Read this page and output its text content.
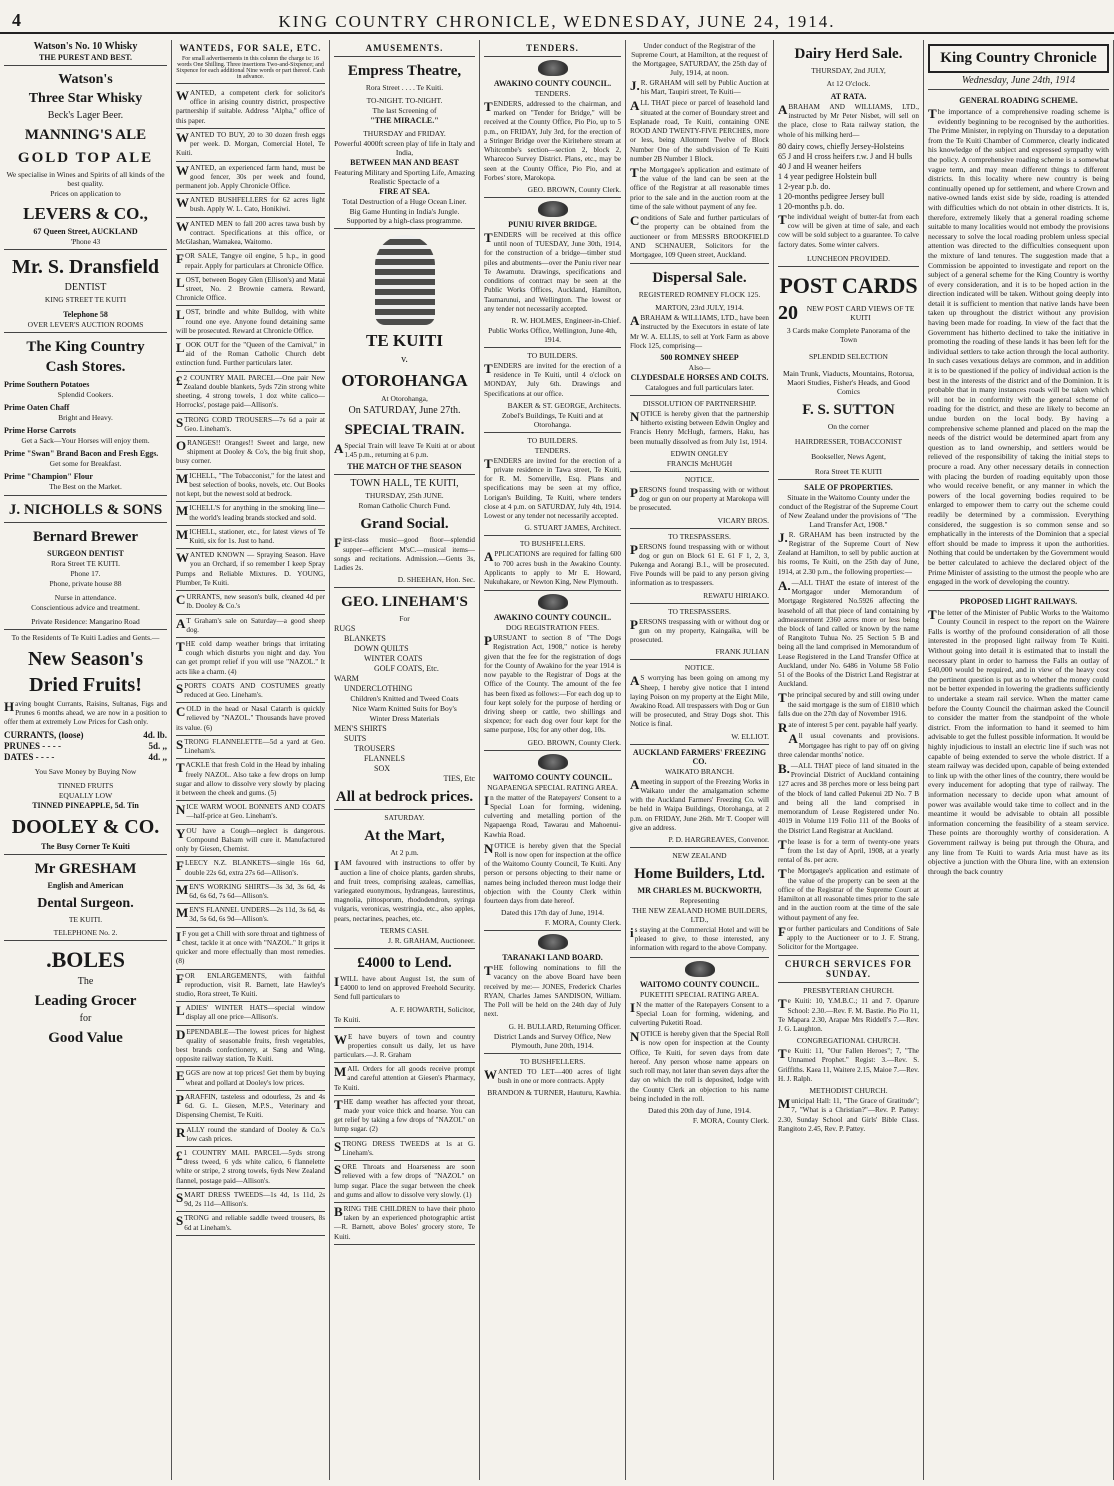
4	KING COUNTRY CHRONICLE, WEDNESDAY, JUNE 24, 1914.
Watson's No. 10 Whisky
THE PUREST AND BEST.
Watson's
Three Star Whisky
Beck's Lager Beer.
MANNING'S ALE
GOLD TOP ALE
We specialise in Wines and Spirits of all kinds of the best quality.
Prices on application to
LEVERS & CO.,
67 Queen Street, AUCKLAND
'Phone 43
Mr. S. Dransfield
DENTIST
KING STREET TE KUITI
Telephone 58
OVER LEVER'S AUCTION ROOMS
The King Country
Cash Stores.
Prime Southern Potatoes
Splendid Cookers.
Prime Oaten Chaff
Bright and Heavy.
Prime Horse Carrots
Get a Sack—Your Horses will enjoy them.
Prime "Swan" Brand Bacon and Fresh Eggs.
Get some for Breakfast.
Prime "Champion" Flour
The Best on the Market.
J. NICHOLLS & SONS
Bernard Brewer
SURGEON DENTIST
Rora Street TE KUITI.
Phone 17.
Phone, private house 88
Nurse in attendance.
Conscientious advice and treatment.
Private Residence: Mangarino Road
To the Residents of Te Kuiti Ladies and Gents.—
New Season's
Dried Fruits!
Having bought Currants, Raisins, Sultanas, Figs and Prunes 6 months ahead, we are now in a position to offer them at extremely Low Prices for Cash only.
CURRANTS, (loose)	4d. lb.
PRUNES - - - -	5d. ,,
DATES - - - -	4d. ,,
You Save Money by Buying Now
TINNED FRUITS
EQUALLY LOW
TINNED PINEAPPLE, 5d. Tin
DOOLEY & CO.
The Busy Corner Te Kuiti
Mr GRESHAM
English and American
Dental Surgeon.
TE KUITI.
TELEPHONE No. 2.
.BOLES
The
Leading Grocer
for
Good Value
WANTEDS, FOR SALE, ETC.
For small advertisements in this column the charge is: 16 words One Shilling. Three insertions Two-and-Sixpence; and Sixpence for each additional Nine words or part thereof. Cash in advance.
WANTED, a competent clerk for solicitor's office in arising country district, prospective partnership if suitable. Address "Alpha," office of this paper.
WANTED TO BUY, 20 to 30 dozen fresh eggs per week. D. Morgan, Comercial Hotel, Te Kuiti.
WANTED, an experienced farm hand, must be good fencer, 30s per week and found, permanent job. Apply Chronicle Office.
WANTED BUSHFELLERS for 62 acres light bush. Apply W. L. Cato, Honikiwi.
WANTED MEN to fall 200 acres tawa bush by contract. Specifications at this office, or McGlashan, Wamakea, Waitomo.
FOR SALE, Tangye oil engine, 5 h.p., in good repair. Apply for particulars at Chronicle Office.
LOST, between Bogey Glen (Ellison's) and Matai street, No. 2 Brownie camera. Reward, Chronicle Office.
LOST, brindle and white Bulldog, with white round one eye. Anyone found detaining same will be prosecuted. Reward at Chronicle Office.
LOOK OUT for the "Queen of the Carnival," in aid of the Roman Catholic Church debt extinction fund. Further particulars later.
£2 COUNTRY MAIL PARCEL—One pair New Zealand double blankets, 5yds 72in strong white sheeting, 4 strong towels, 1 doz white calico—Horrocks', postage paid—Allison's.
STRONG CORD TROUSERS—7s 6d a pair at Geo. Lineham's.
ORANGES!! Oranges!! Sweet and large, new shipment at Dooley & Co's, the big fruit shop, busy corner.
MICHELL, "The Tobacconist," for the latest and best selection of books, novels, etc. Out Books not kept, but the newest sold at bedrock.
MICHELL'S for anything in the smoking line—the world's leading brands stocked and sold.
MICHELL, stationer, etc., for latest views of Te Kuiti, six for 1s. Just to hand.
WANTED KNOWN — Spraying Season. Have you an Orchard, if so remember I keep Spray Pumps and Reliable Mixtures. D. YOUNG, Plumber, Te Kuiti.
CURRANTS, new season's bulk, cleaned 4d per lb. Dooley & Co.'s
AT Graham's sale on Saturday—a good sheep dog.
THE cold damp weather brings that irritating cough which disturbs you night and day. You can get prompt relief if you will use "NAZOL." It acts like a charm. (4)
SPORTS COATS AND COSTUMES greatly reduced at Geo. Lineham's.
COLD in the head or Nasal Catarrh is quickly relieved by "NAZOL." Thousands have proved its value. (6)
STRONG FLANNELETTE—5d a yard at Geo. Lineham's.
TACKLE that fresh Cold in the Head by inhaling freely NAZOL. Also take a few drops on lump sugar and allow to dissolve very slowly by placing it between the cheek and gums. (5)
NICE WARM WOOL BONNETS AND COATS—half-price at Geo. Lineham's.
YOU have a Cough—neglect is dangerous. Compound Balsam will cure it. Manufactured only by Giesen, Chemist.
FLEECY N.Z. BLANKETS—single 16s 6d, double 22s 6d, extra 27s 6d—Allison's.
MEN'S WORKING SHIRTS—3s 3d, 3s 6d, 4s 6d, 6s 6d, 7s 6d—Allison's.
MEN'S FLANNEL UNDERS—2s 11d, 3s 6d, 4s 3d, 5s 6d, 6s 9d—Allison's.
IF you get a Chill with sore throat and tightness of chest, tackle it at once with "NAZOL." It grips it quicker and more effectually than most remedies. (8)
FOR ENLARGEMENTS, with faithful reproduction, visit R. Barnett, late Hawley's studio, Rora street, Te Kuiti.
LADIES' WINTER HATS—special window display all one price—Allison's.
DEPENDABLE—The lowest prices for highest quality of seasonable fruits, fresh vegetables, best brands confectionery, at Sang and Wing, opposite railway station, Te Kuiti.
EGGS are now at top prices! Get them by buying wheat and pollard at Dooley's low prices.
PARAFFIN, tasteless and odourless, 2s and 4s 6d. G. L. Giesen, M.P.S., Veterinary and Dispensing Chemist, Te Kuiti.
RALLY round the standard of Dooley & Co.'s low cash prices.
£1 COUNTRY MAIL PARCEL—5yds strong dress tweed, 6 yds white calico, 6 flannelette white or stripe, 2 strong towels, 6yds New Zealand flannel, postage paid—Allison's.
SMART DRESS TWEEDS—1s 4d, 1s 11d, 2s 9d, 2s 11d—Allison's.
STRONG and reliable saddle tweed trousers, 8s 6d at Lineham's.
AMUSEMENTS.
Empress Theatre,
Rora Street . . . . Te Kuiti.
TO-NIGHT. TO-NIGHT.
The last Screening of
"THE MIRACLE."
THURSDAY and FRIDAY.
Powerful 4000ft screen play of life in Italy and India,
BETWEEN MAN AND BEAST
Featuring Military and Sporting Life, Amazing Realistic Spectacle of a
FIRE AT SEA.
Total Destruction of a Huge Ocean Liner.
Big Game Hunting in India's Jungle. Supported by a high-class programme.
TE KUITI
v.
OTOROHANGA
At Otorohanga,
On SATURDAY, June 27th.
SPECIAL TRAIN.
ASpecial Train will leave Te Kuiti at or about 1.45 p.m., returning at 6 p.m.
THE MATCH OF THE SEASON
TOWN HALL, TE KUITI,
THURSDAY, 25th JUNE.
Roman Catholic Church Fund.
Grand Social.
First-class music—good floor—splendid supper—efficient M'sC.—musical items—songs and recitations. Admission.—Gents 3s, Ladies 2s.
D. SHEEHAN, Hon. Sec.
GEO. LINEHAM'S
For
RUGS
BLANKETS
DOWN QUILTS
WINTER COATS
GOLF COATS, Etc.
WARM
UNDERCLOTHING
Children's Knitted and Tweed Coats
Nice Warm Knitted Suits for Boy's
Winter Dress Materials
MEN'S SHIRTS
SUITS
TROUSERS
FLANNELS
SOX
TIES, Etc
All at bedrock prices.
SATURDAY.
At the Mart,
At 2 p.m.
IAM favoured with instructions to offer by auction a line of choice plants, garden shrubs, and fruit trees, comprising azaleas, camellias, variegated euonymous, hydrangeas, laurestinus, magnolia, pittosporum, rhododendron, syringa vulgaris, veronicas, westringia, etc., also apples, pears, nectarines, peaches, etc.
TERMS CASH.
J. R. GRAHAM, Auctioneer.
£4000 to Lend.
IWILL have about August 1st, the sum of £4000 to lend on approved Freehold Security. Send full particulars to
A. F. HOWARTH, Solicitor,
Te Kuiti.
WE have buyers of town and country properties consult us daily, let us have particulars.—J. R. Graham
MAIL Orders for all goods receive prompt and careful attention at Giesen's Pharmacy, Te Kuiti.
THE damp weather has affected your throat, made your voice thick and hoarse. You can get relief by taking a few drops of "NAZOL" on lump sugar. (2)
STRONG DRESS TWEEDS at 1s at G. Lineham's.
SORE Throats and Hoarseness are soon relieved with a few drops of "NAZOL" on lump sugar. Place the sugar between the cheek and gums and allow to dissolve very slowly. (1)
BRING THE CHILDREN to have their photo taken by an experienced photographic artist—R. Barnett, above Boles' grocery store, Te Kuiti.
TENDERS.
AWAKINO COUNTY COUNCIL.
TENDERS.
TENDERS, addressed to the chairman, and marked on "Tender for Bridge," will be received at the County Office, Pio Pio, up to 5 p.m., on FRIDAY, July 3rd, for the erection of a Stringer Bridge over the Kiritehere stream at Whitcombe's section—section 2, block 2, Wharecoo Survey District. Plans, etc., may be seen at the County Office, Pio Pio, and at Forbes' store, Marokopa.
GEO. BROWN, County Clerk.
PUNIU RIVER BRIDGE.
TENDERS will be received at this office until noon of TUESDAY, June 30th, 1914, for the construction of a bridge—timber stud piles and abutments—over the Puniu river near Te Awamutu. Drawings, specifications and conditions of contract may be seen at the Public Works Offices, Auckland, Hamilton, Taumarunui, and Wellington. The lowest or any tender not necessarily accepted.
R. W. HOLMES, Engineer-in-Chief.
Public Works Office, Wellington, June 4th, 1914.
TO BUILDERS.
TENDERS are invited for the erection of a residence in Te Kuiti, until 4 o'clock on MONDAY, July 6th. Drawings and Specifications at our office.
BAKER & ST. GEORGE, Architects.
Zobel's Buildings, Te Kuiti and at Otorohanga.
TO BUILDERS.
TENDERS.
TENDERS are invited for the erection of a private residence in Tawa street, Te Kuiti, for R. M. Somerville, Esq. Plans and specifications may be seen at my office, Lorigan's Building, Te Kuiti, where tenders close at 4 p.m. on SATURDAY, July 4th, 1914. Lowest or any tender not necessarily accepted.
G. STUART JAMES, Architect.
TO BUSHFELLERS.
APPLICATIONS are required for falling 600 to 700 acres bush in the Awakino County. Applicants to apply to Mr E. Howard, Nukuhakare, or Newton King, New Plymouth.
AWAKINO COUNTY COUNCIL.
DOG REGISTRATION FEES.
PURSUANT to section 8 of "The Dogs Registration Act, 1908," notice is hereby given that the fee for the registration of dogs for the County of Awakino for the year 1914 is now payable to the Registrar of Dogs at the Office of the County. The amount of the fee has been fixed as follows:—For each dog up to four kept solely for the purpose of herding or driving sheep or cattle, two shillings and sixpence; for each dog over four kept for the same purpose, 10s; for any other dog, 10s.
GEO. BROWN, County Clerk.
WAITOMO COUNTY COUNCIL.
NGAPAENGA SPECIAL RATING AREA.
In the matter of the Ratepayers' Consent to a Special Loan for forming, widening, culverting and metalling portion of the Ngapaenga Road, Tawarau and Mahoenui-Kawhia Road.
NOTICE is hereby given that the Special Roll is now open for inspection at the office of the Waitomo County Council, Te Kuiti. Any person or persons objecting to their name or names being included thereon must lodge their objection with the County Clerk within fourteen days from date hereof.
Dated this 17th day of June, 1914.
F. MORA, County Clerk.
TARANAKI LAND BOARD.
THE following nominations to fill the vacancy on the above Board have been received by me:— JONES, Frederick Charles RYAN, Charles James SANDISON, William. The Poll will be held on the 24th day of July next.
G. H. BULLARD, Returning Officer.
District Lands and Survey Office, New Plymouth, June 20th, 1914.
TO BUSHFELLERS.
WANTED TO LET—400 acres of light bush in one or more contracts. Apply
BRANDON & TURNER, Hauturu, Kawhia.
Under conduct of the Registrar of the Supreme Court, at Hamilton, at the request of the Mortgagee, SATURDAY, the 25th day of July, 1914, at noon.
J.R. GRAHAM will sell by Public Auction at his Mart, Taupiri street, Te Kuiti—
ALL THAT piece or parcel of leasehold land situated at the corner of Boundary street and Esplanade road, Te Kuiti, containing ONE ROOD AND TWENTY-FIVE PERCHES, more or less, being Allotment Twelve of Block Number One of the subdivision of Te Kuiti number 2B Number 1 Block.
The Mortgagee's application and estimate of the value of the land can be seen at the office of the Registrar at all reasonable times prior to the sale and in the auction room at the time of the sale without payment of any fee.
Conditions of Sale and further particulars of the property can be obtained from the auctioneer or from MESSRS BROOKFIELD AND SCHNAUER, Solicitors for the Mortgagee, 109 Queen street, Auckland.
Dispersal Sale.
REGISTERED ROMNEY FLOCK 125.
MARTON, 23rd JULY, 1914.
ABRAHAM & WILLIAMS, LTD., have been instructed by the Executors in estate of late Mr W. A. ELLIS, to sell at York Farm as above Flock 125, comprising—
500 ROMNEY SHEEP
Also—
CLYDESDALE HORSES AND COLTS.
Catalogues and full particulars later.
DISSOLUTION OF PARTNERSHIP.
NOTICE is hereby given that the partnership hitherto existing between Edwin Ongley and Francis Henry McHugh, farmers, Haku, has been mutually dissolved as from July 1st, 1914.
EDWIN ONGLEY
FRANCIS McHUGH
NOTICE.
PERSONS found trespassing with or without dog or gun on our property at Marokopa will be prosecuted.
VICARY BROS.
TO TRESPASSERS.
PERSONS found trespassing with or without dog or gun on Block 61 E. 61 F 1, 2, 3, Pukenga and Aorangi B.1., will be prosecuted. Five Pounds will be paid to any person giving information as to trespassers.
REWATU HIRIAKO.
TO TRESPASSERS.
PERSONS trespassing with or without dog or gun on my property, Kaingaika, will be prosecuted.
FRANK JULIAN
NOTICE.
AS worrying has been going on among my Sheep, I hereby give notice that I intend laying Poison on my property at the Eight Mile, Awakino Road. All trespassers with Dog or Gun will be prosecuted, and Stray Dogs shot. This Notice is final.
W. ELLIOT.
AUCKLAND FARMERS' FREEZING CO.
WAIKATO BRANCH.
Ameeting in support of the Freezing Works in Waikato under the amalgamation scheme with the Auckland Farmers' Freezing Co. will be held in Waipa Buildings, Otorohanga, at 2 p.m. on FRIDAY, June 26th. Mr T. Cooper will give an address.
P. D. HARGREAVES, Convenor.
NEW ZEALAND
Home Builders, Ltd.
MR CHARLES M. BUCKWORTH,
Representing
THE NEW ZEALAND HOME BUILDERS, LTD.,
is staying at the Commercial Hotel and will be pleased to give, to those interested, any information with regard to the above Company.
WAITOMO COUNTY COUNCIL.
PUKETITI SPECIAL RATING AREA.
IN the matter of the Ratepayers Consent to a Special Loan for forming, widening, and culverting Puketiti Road.
NOTICE is hereby given that the Special Roll is now open for inspection at the County Office, Te Kuiti, for seven days from date hereof. Any person whose name appears on such roll may, not later than seven days after the day on which the roll is deposited, lodge with the County Clerk an objection to his name being included in the roll.
Dated this 20th day of June, 1914.
F. MORA, County Clerk.
Dairy Herd Sale.
THURSDAY, 2nd JULY,
At 12 O'clock.
AT RATA.
ABRAHAM AND WILLIAMS, LTD., instructed by Mr Peter Nisbet, will sell on the place, close to Rata railway station, the whole of his milking herd—
80 dairy cows, chiefly Jersey-Holsteins
65 J and H cross heifers r.w. J and H bulls
40 J and H weaner heifers
1 4 year pedigree Holstein bull
1 2-year p.b. do.
1 20-months pedigree Jersey bull
1 20-months p.b. do.
The individual weight of butter-fat from each cow will be given at time of sale, and each cow will be sold subject to a guarantee. To calve factory dates. Some winter calvers.
LUNCHEON PROVIDED.
POST CARDS
20	NEW POST CARD VIEWS OF TE KUITI
3 Cards make Complete Panorama of the Town
SPLENDID SELECTION
Main Trunk, Viaducts, Mountains, Rotorua, Maori Studies, Fisher's Heads, and Good Comics
F. S. SUTTON
On the corner
HAIRDRESSER, TOBACCONIST
Bookseller, News Agent,
Rora Street TE KUITI
SALE OF PROPERTIES.
Situate in the Waitomo County under the conduct of the Registrar of the Supreme Court of New Zealand under the provisions of "The Land Transfer Act, 1908."
J.R. GRAHAM has been instructed by the Registrar of the Supreme Court of New Zealand at Hamilton, to sell by public auction at his rooms, Te Kuiti, on the 25th day of June, 1914, at 2.30 p.m., the following properties:—
A.—ALL THAT the estate of interest of the Mortgagor under Memorandum of Mortgage Registered No.5926 affecting the leasehold of all that piece of land containing by admeasurement 2360 acres more or less being the block of land called or known by the name of Rangitoto Tuhua No. 25 Section 5 B and being all the land comprised in Memorandum of Lease Registered in the Land Transfer Office at Auckland, under No. 6486 in Volume 58 Folio 51 of the Books of the District Land Registrar at Auckland.
The principal secured by and still owing under the said mortgage is the sum of £1810 which falls due on the 27th day of November 1916.
Rate of interest 5 per cent. payable half yearly.
All usual covenants and provisions. Mortgagee has right to pay off on giving three calendar months' notice.
B.—ALL THAT piece of land situated in the Provincial District of Auckland containing 127 acres and 38 perches more or less being part of the block of land called Pukenui 2D No. 7 B and being all the land comprised in memorandum of Lease Registered under No. 4019 in Volume 119 Folio 111 of the Books of the District Land Registrar at Auckland.
The lease is for a term of twenty-one years from the 1st day of April, 1908, at a yearly rental of 8s. per acre.
The Mortgagee's application and estimate of the value of the property can be seen at the office of the Registrar of the Supreme Court at Hamilton at all reasonable times prior to the sale and in the auction room at the time of the sale without payment of any fee.
For further particulars and Conditions of Sale apply to the Auctioneer or to J. F. Strang, Solicitor for the Mortgagee.
CHURCH SERVICES FOR SUNDAY.
PRESBYTERIAN CHURCH.
Te Kuiti: 10, Y.M.B.C.; 11 and 7. Oparure School: 2.30.—Rev. F. M. Bastie. Pio Pio 11, Te Mapara 2.30, Arapae Mrs Riddell's 7.—Rev. J. G. Laughton.
CONGREGATIONAL CHURCH.
Te Kuiti: 11, "Our Fallen Heroes"; 7, "The Unnamed Prophet." Regist: 3.—Rev. S. Griffiths. Kaea 11, Waitere 2.15, Maioe 7.—Rev. H. J. Ralph.
METHODIST CHURCH.
Municipal Hall: 11, "The Grace of Gratitude"; 7, "What is a Christian?"—Rev. P. Pattey: 2.30, Sunday School and Girls' Bible Class. Rangitoto 2.45, Rev. P. Pattey.
King Country Chronicle
Wednesday, June 24th, 1914
GENERAL ROADING SCHEME.
The importance of a comprehensive roading scheme is evidently beginning to be recognised by the authorities. The Prime Minister, in replying on Thursday to a deputation from the Te Kuiti Chamber of Commerce, clearly indicated his knowledge of the subject and expressed sympathy with the policy. A comprehensive roading scheme is a somewhat vague term, and may mean different things to different districts. In this locality where new country is being continually opened up for settlement, and where Crown and native-owned lands exist side by side, roading is attended with difficulties which do not obtain in other districts. It is, therefore, extremely likely that a general roading scheme suitable to many localities would not embody the provisions necessary to solve the local roading problem unless special attention was directed to the difficulties consequent upon the mixture of land tenures. The suggestion made that a Commission be appointed to investigate and report on the subject of a general scheme for the King Country is worthy of every consideration, and it is to be hoped action in the direction indicated will be taken. Without going deeply into detail it is sufficient to mention that native lands have been taken up throughout the district without any provision having been made for roading. In view of the fact that the Government has hitherto declined to take the initiative in promoting the roading of these lands it has been left for the individual settlers to take action through the local authority. In such cases vexatious delays are common, and in addition it is to be questioned if the policy of individual action is the best in the interests of the district and of the Dominion. It is probable that in many instances roads will be taken which will not be in conformity with the general scheme of roading for the district, and these are likely to become an undue burden on the local body. By having a comprehensive scheme planned and placed on the map the needs of the district would be determined apart from any question as to land ownership, and settlers would be relieved of the responsibility of taking the initial steps to procure a road. Any other necessary details in connection with placing the burden of roading equitably upon those who would receive benefit, or any manner in which the powers of the local governing bodies required to be enlarged to empower them to carry out the scheme could readily be determined by a commission. Everything considered, the suggestion is so common sense and so emphatically in the interests of the Dominion that a special effort should be made to impress it upon the authorities. Nothing that could be undertaken by the Government would be better calculated to achieve the declared object of the Prime Minister of assisting to the utmost the people who are engaged in the work of developing the country.
PROPOSED LIGHT RAILWAYS.
The letter of the Minister of Public Works to the Waitomo County Council in respect to the report on the Wairere Falls is worthy of the profound consideration of all those interested in the proposed light railway from Te Kuiti. Without going into detail it is estimated that to install the necessary plant in order to harness the Falls an outlay of £40,000 would be required, and in view of the heavy cost the pertinent question is put as to whether the money could not be better expended in lowering the gradients sufficiently to undertake a steam rail service. When the matter came before the County Council the chairman asked the Council to consider the matter from the standpoint of the whole district. From the information to hand it seemed to him advisable to get the fullest possible information. It would be highly injudicious to install an electric line if such was not capable of being extended to serve the whole district. If a steam railway was decided upon, capable of being extended to link up with the other lines of the country, there would be every inducement for adopting that type of railway. The information necessary to decide upon what amount of power was available would take time to collect and in the meantime it would be advisable to obtain all possible information concerning the feasibility of a steam service. These points are thoroughly worthy of consideration. A Government railway is being put through the Ohura, and any line from Te Kuiti to wards Aria must have as its objective a junction with the Ohura line, with an extension through the back country
